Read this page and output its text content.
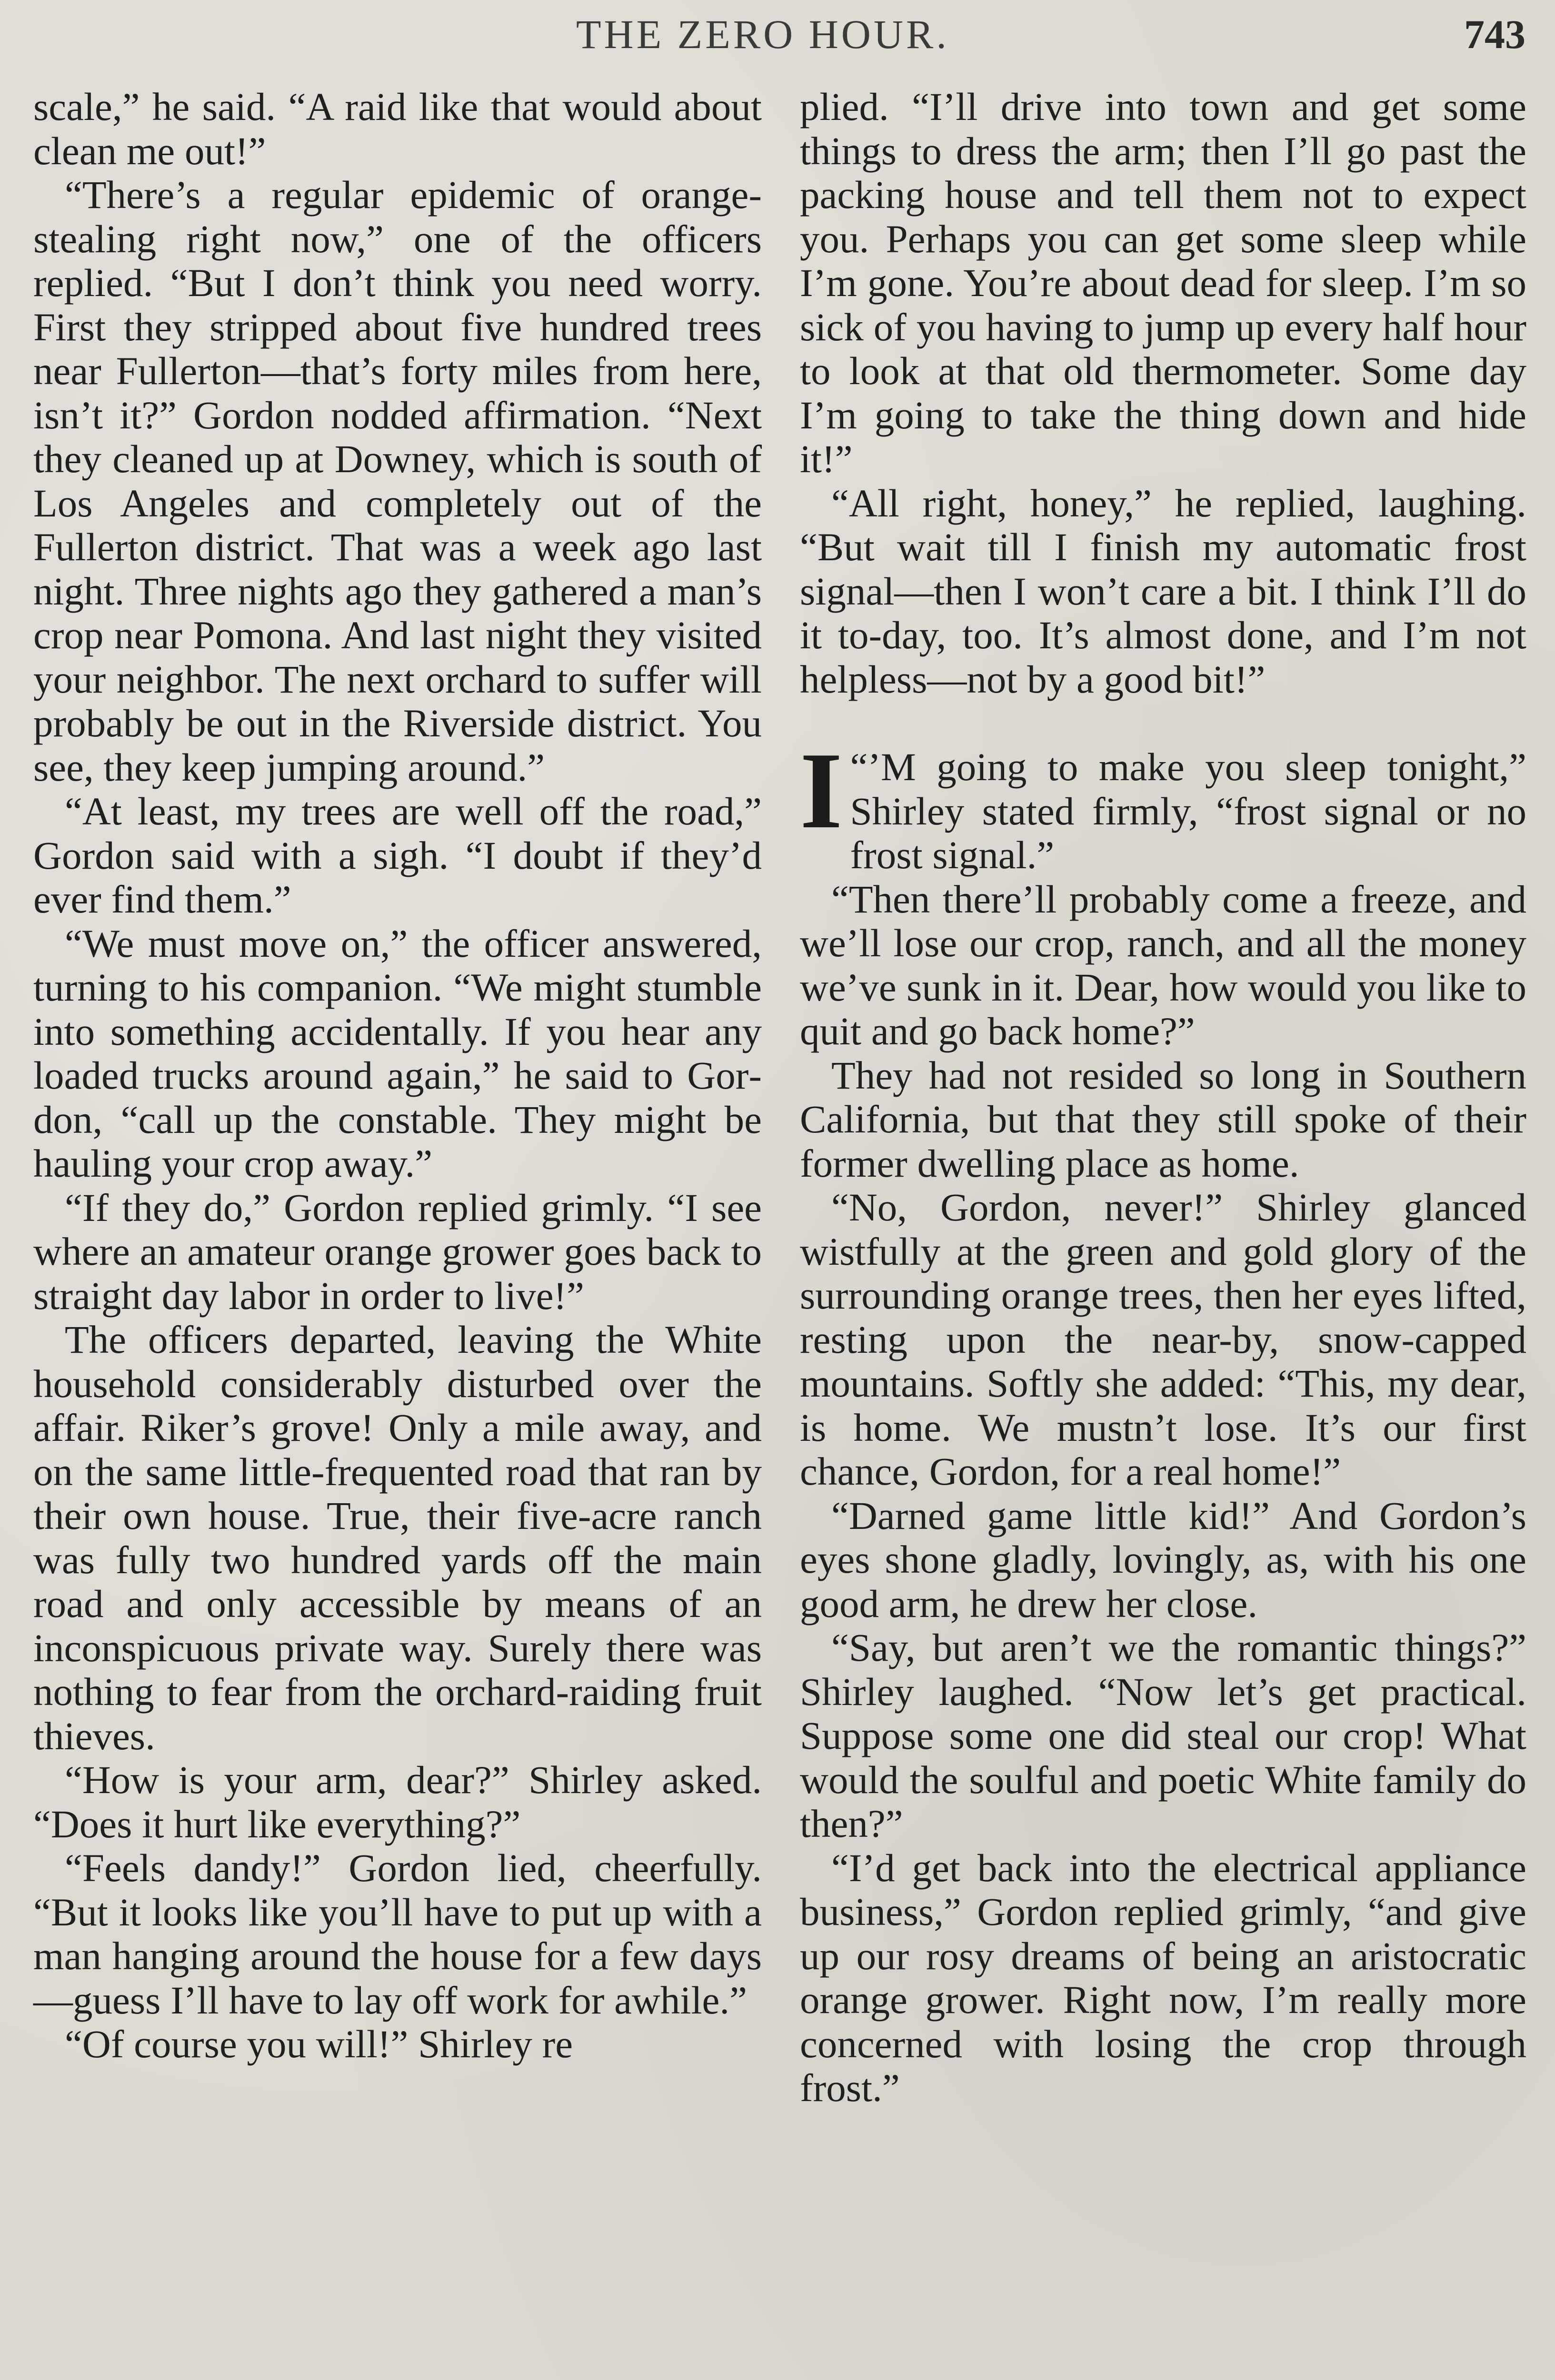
THE ZERO HOUR.	743

scale,” he said. “A raid like that would about clean me out!”

“There’s a regular epidemic of orange-stealing right now,” one of the officers replied. “But I don’t think you need worry. First they stripped about five hundred trees near Fullerton—that’s forty miles from here, isn’t it?” Gordon nodded affirmation. “Next they cleaned up at Downey, which is south of Los Angeles and completely out of the Fullerton district. That was a week ago last night. Three nights ago they gathered a man’s crop near Pomona. And last night they visited your neighbor. The next orchard to suffer will probably be out in the Riverside district. You see, they keep jumping around.”

“At least, my trees are well off the road,” Gordon said with a sigh. “I doubt if they’d ever find them.”

“We must move on,” the officer answered, turning to his companion. “We might stumble into something accidentally. If you hear any loaded trucks around again,” he said to Gordon, “call up the constable. They might be hauling your crop away.”

“If they do,” Gordon replied grimly. “I see where an amateur orange grower goes back to straight day labor in order to live!”

The officers departed, leaving the White household considerably disturbed over the affair. Riker’s grove! Only a mile away, and on the same little-frequented road that ran by their own house. True, their five-acre ranch was fully two hundred yards off the main road and only accessible by means of an inconspicuous private way. Surely there was nothing to fear from the orchard-raiding fruit thieves.

“How is your arm, dear?” Shirley asked. “Does it hurt like everything?”

“Feels dandy!” Gordon lied, cheerfully. “But it looks like you’ll have to put up with a man hanging around the house for a few days—guess I’ll have to lay off work for awhile.”

“Of course you will!” Shirley re

plied. “I’ll drive into town and get some things to dress the arm; then I’ll go past the packing house and tell them not to expect you. Perhaps you can get some sleep while I’m gone. You’re about dead for sleep. I’m so sick of you having to jump up every half hour to look at that old thermometer. Some day I’m going to take the thing down and hide it!”

“All right, honey,” he replied, laughing. “But wait till I finish my automatic frost signal—then I won’t care a bit. I think I’ll do it to-day, too. It’s almost done, and I’m not helpless—not by a good bit!”

“
I ’M going to make you sleep tonight,” Shirley stated firmly, “frost signal or no frost signal.”

“Then there’ll probably come a freeze, and we’ll lose our crop, ranch, and all the money we’ve sunk in it. Dear, how would you like to quit and go back home?”

They had not resided so long in Southern California, but that they still spoke of their former dwelling place as home.

“No, Gordon, never!” Shirley glanced wistfully at the green and gold glory of the surrounding orange trees, then her eyes lifted, resting upon the near-by, snow-capped mountains. Softly she added: “This, my dear, is home. We mustn’t lose. It’s our first chance, Gordon, for a real home!”

“Darned game little kid!” And Gordon’s eyes shone gladly, lovingly, as, with his one good arm, he drew her close.

“Say, but aren’t we the romantic things?” Shirley laughed. “Now let’s get practical. Suppose some one did steal our crop! What would the soulful and poetic White family do then?”

“I’d get back into the electrical appliance business,” Gordon replied grimly, “and give up our rosy dreams of being an aristocratic orange grower. Right now, I’m really more concerned with losing the crop through frost.”
